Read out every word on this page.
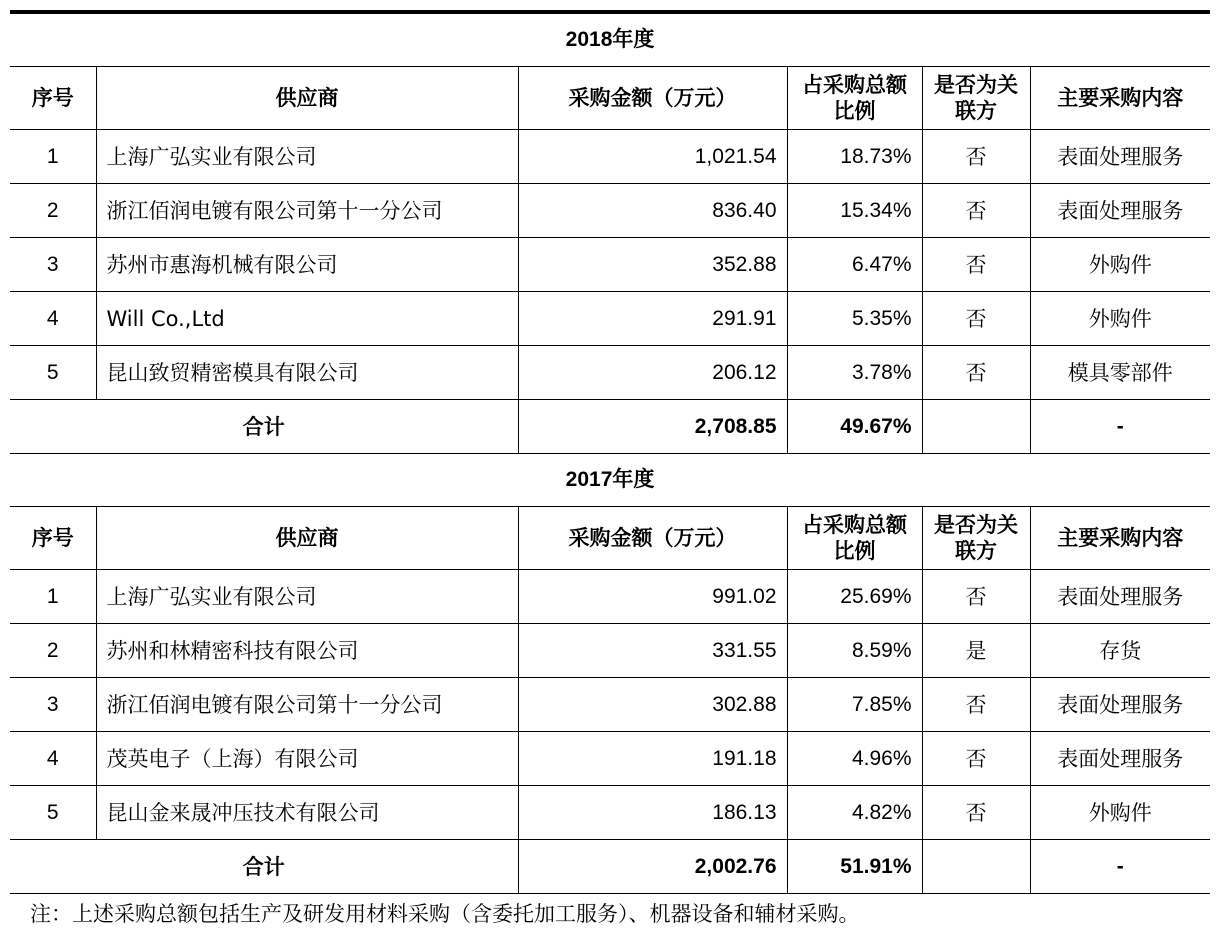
2018年度					
序号	供应商	采购金额（万元）	占采购总额比例	是否为关联方	主要采购内容
1	上海广弘实业有限公司	1,021.54	18.73%	否	表面处理服务
2	浙江佰润电镀有限公司第十一分公司	836.40	15.34%	否	表面处理服务
3	苏州市惠海机械有限公司	352.88	6.47%	否	外购件
4	Will Co.,Ltd	291.91	5.35%	否	外购件
5	昆山致贸精密模具有限公司	206.12	3.78%	否	模具零部件
合计		2,708.85	49.67%		-
2017年度					
序号	供应商	采购金额（万元）	占采购总额比例	是否为关联方	主要采购内容
1	上海广弘实业有限公司	991.02	25.69%	否	表面处理服务
2	苏州和林精密科技有限公司	331.55	8.59%	是	存货
3	浙江佰润电镀有限公司第十一分公司	302.88	7.85%	否	表面处理服务
4	茂英电子（上海）有限公司	191.18	4.96%	否	表面处理服务
5	昆山金来晟冲压技术有限公司	186.13	4.82%	否	外购件
合计		2,002.76	51.91%		-
注：上述采购总额包括生产及研发用材料采购（含委托加工服务）、机器设备和辅材采购。
